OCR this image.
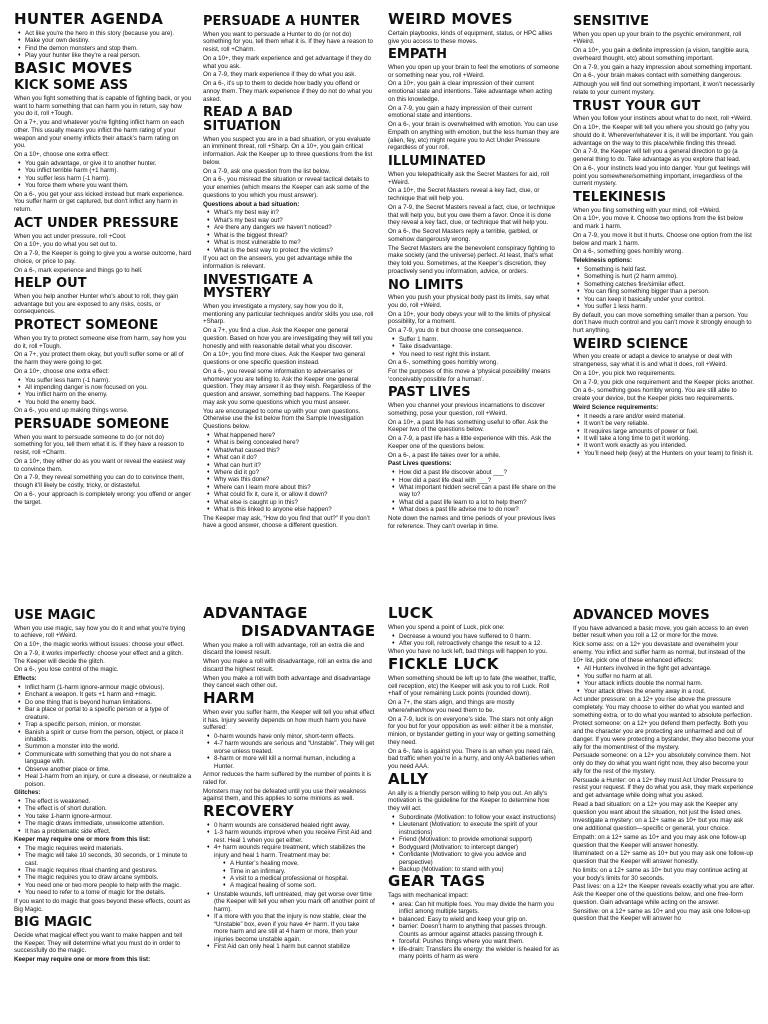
HUNTER AGENDA
♦ Act like you're the hero in this story (because you are).
♦ Make your own destiny.
♦ Find the demon monsters and stop them.
♦ Play your hunter like they're a real person.
BASIC MOVES
KICK SOME ASS

When you fight something that is capable of fighting back, or you want to harm something that can harm you in return, say how you do it, roll +Tough.

On a 7+, you and whatever you're fighting inflict harm on each other. This usually means you inflict the harm rating of your weapon and your enemy inflicts their attack’s harm rating on you.

On a 10+, choose one extra effect:

♦ You gain advantage, or give it to another hunter.
♦ You inflict terrible harm (+1 harm).
♦ You suffer less harm (-1 harm).
♦ You force them where you want them.

On a 6-, you get your ass kicked instead but mark experience. You suffer harm or get captured, but don't inflict any harm in return.

ACT UNDER PRESSURE

When you act under pressure, roll +Cool.

On a 10+, you do what you set out to.

On a 7-9, the Keeper is going to give you a worse outcome, hard choice, or price to pay.

On a 6-, mark experience and things go to hell.

HELP OUT

When you help another Hunter who's about to roll, they gain advantage but you are exposed to any risks, costs, or consequences.

PROTECT SOMEONE

When you try to protect someone else from harm, say how you do it, roll +Tough.

On a 7+, you protect them okay, but you'll suffer some or all of the harm they were going to get.

On a 10+, choose one extra effect:

♦ You suffer less harm (-1 harm).
♦ All impending danger is now focused on you.
♦ You inflict harm on the enemy.
♦ You hold the enemy back.

On a 6-, you end up making things worse.

PERSUADE SOMEONE

When you want to persuade someone to do (or not do) something for you, tell them what it is. If they have a reason to resist, roll +Charm.

On a 10+, they either do as you want or reveal the easiest way to convince them.

On a 7-9, they reveal something you can do to convince them, though it’ll likely be costly, tricky, or distasteful.

On a 6-, your approach is completely wrong: you offend or anger the target.

PERSUADE A HUNTER

When you want to persuade a Hunter to do (or not do) something for you, tell them what it is. If they have a reason to resist, roll +Charm.

On a 10+, they mark experience and get advantage if they do what you ask.

On a 7-9, they mark experience if they do what you ask.

On a 6-, it’s up to them to decide how badly you offend or annoy them. They mark experience if they do not do what you asked.

READ A BAD SITUATION

When you suspect you are in a bad situation, or you evaluate an imminent threat, roll +Sharp. On a 10+, you gain critical information. Ask the Keeper up to three questions from the list below.

On a 7-9, ask one question from the list below.

On a 6-, you misread the situation or reveal tactical details to your enemies (which means the Keeper can ask some of the questions to you which you must answer).

Questions about a bad situation:

♦ What’s my best way in?
♦ What’s my best way out?
♦ Are there any dangers we haven’t noticed?
♦ What is the biggest threat?
♦ What is most vulnerable to me?
♦ What is the best way to protect the victims?

If you act on the answers, you get advantage while the information is relevant.

INVESTIGATE A MYSTERY

When you investigate a mystery, say how you do it, mentioning any particular techniques and/or skills you use, roll +Sharp.

On a 7+, you find a clue. Ask the Keeper one general question. Based on how you are investigating they will tell you honestly and with reasonable detail what you discover.

On a 10+, you find more clues. Ask the Keeper two general questions or one specific question instead.

On a 6-, you reveal some information to adversaries or whomever you are telling to. Ask the Keeper one general question. They may answer it as they wish. Regardless of the question and answer, something bad happens. The Keeper may ask you some questions which you must answer.

You are encouraged to come up with your own questions. Otherwise use the list below from the Sample Investigation Questions below.

♦ What happened here?
♦ What is being concealed here?
♦ What/what caused this?
♦ What can it do?
♦ What can hurt it?
♦ Where did it go?
♦ Why was this done?
♦ Where can I learn more about this?
♦ What could fix it, cure it, or allow it down?
♦ What else is caught up in this?
♦ What is this linked to anyone else happen?

The Keeper may ask, “How do you find that out?” If you don’t have a good answer, choose a different question.

WEIRD MOVES

Certain playbooks, kinds of equipment, status, or HPC allies give you access to these moves.

EMPATH

When you open up your brain to feel the emotions of someone or something near you, roll +Weird.

On a 10+, you gain a clear impression of their current emotional state and intentions. Take advantage when acting on this knowledge.

On a 7-9, you gain a hazy impression of their current emotional state and intentions.

On a 6-, your brain is overwhelmed with emotion. You can use Empath on anything with emotion, but the less human they are (alien, fey, etc) might require you to Act Under Pressure regardless of your roll.

ILLUMINATED

When you telepathically ask the Secret Masters for aid, roll +Weird.

On a 10+, the Secret Masters reveal a key fact, clue, or technique that will help you.

On a 7-9, the Secret Masters reveal a fact, clue, or technique that will help you, but you owe them a favor. Once it is done they reveal a key fact, clue, or technique that will help you.

On a 6-, the Secret Masters reply a terrible, garbled, or somehow dangerously wrong.

The Secret Masters are the benevolent conspiracy fighting to make society (and the universe) perfect. At least, that’s what they told you. Sometimes, at the Keeper’s discretion, they proactively send you information, advice, or orders.

NO LIMITS

When you push your physical body past its limits, say what you do, roll +Weird.

On a 10+, your body obeys your will to the limits of physical possibility, for a moment.

On a 7-9, you do it but choose one consequence.

♦ Suffer 1 harm.
♦ Take disadvantage.
♦ You need to rest right this instant.

On a 6-, something goes horribly wrong.

For the purposes of this move a ‘physical possibility’ means ‘conceivably possible for a human’.

PAST LIVES

When you channel your previous incarnations to discover something, pose your question, roll +Weird.

On a 10+, a past life has something useful to offer. Ask the Keeper two of the questions below.

On a 7-9, a past life has a little experience with this. Ask the Keeper one of the questions below.

On a 6-, a past life takes over for a while.

Past Lives questions:

♦ How did a past life discover about ___?
♦ How did a past life deal with ___?
♦ What important hidden secret can a past life share on the way to?
♦ What did a past life learn to a lot to help them?
♦ What does a past life advise me to do now?

Note down the names and time periods of your previous lives for reference. They can’t overlap in time.

SENSITIVE

When you open up your brain to the psychic environment, roll +Weird.

On a 10+, you gain a definite impression (a vision, tangible aura, overheard thought, etc) about something important.

On a 7-9, you gain a hazy impression about something important.

On a 6-, your brain makes contact with something dangerous.

Although you will find out something important, it won’t necessarily relate to your current mystery.

TRUST YOUR GUT

When you follow your instincts about what to do next, roll +Weird.

On a 10+, the Keeper will tell you where you should go (why you should do it. Wherever/whatever it is, it will be important. You gain advantage on the way to this place/while finding this thread.

On a 7-9, the Keeper will tell you a general direction to go (a general thing to do. Take advantage as you explore that lead.

On a 6-, your instincts lead you into danger. Your gut feelings will point you somewhere/something important, irregardless of the current mystery.

TELEKINESIS

When you fling something with your mind, roll +Weird.

On a 10+, you move it. Choose two options from the list below and mark 1 harm.

On a 7-9, you move it but it hurts. Choose one option from the list below and mark 1 harm.

On a 6-, something goes horribly wrong.

Telekinesis options:

♦ Something is held fast.
♦ Something is hurt (2 harm ammo).
♦ Something catches fire/similar effect.
♦ You can fling something bigger than a person.
♦ You can keep it basically under your control.
♦ You suffer 1 less harm.

By default, you can move something smaller than a person. You don’t have much control and you can’t move it strongly enough to hurt anything.

WEIRD SCIENCE

When you create or adapt a device to analyse or deal with strangeness, say what it is and what it does, roll +Weird.

On a 10+, you pick two requirements.

On a 7-9, you pick one requirement and the Keeper picks another.

On a 6-, something goes horribly wrong. You are still able to create your device, but the Keeper picks two requirements.

Weird Science requirements:

♦ It needs a rare and/or weird material.
♦ It won’t be very reliable.
♦ It requires large amounts of power or fuel.
♦ It will take a long time to get it working.
♦ It won’t work exactly as you intended.
♦ You’ll need help (key) at the Hunters on your team) to finish it.
USE MAGIC

When you use magic, say how you do it and what you’re trying to achieve, roll +Weird.

On a 10+, the magic works without issues: choose your effect.

On a 7-9, it works imperfectly: choose your effect and a glitch. The Keeper will decide the glitch.

On a 6-, you lose control of the magic.

Effects:

♦ Inflict harm (1-harm ignore-armour magic obvious).
♦ Enchant a weapon. It gets +1 harm and +magic.
♦ Do one thing that is beyond human limitations.
♦ Bar a place or portal to a specific person or a type of creature.
♦ Trap a specific person, minion, or monster.
♦ Banish a spirit or curse from the person, object, or place it inhabits.
♦ Summon a monster into the world.
♦ Communicate with something that you do not share a language with.
♦ Observe another place or time.
♦ Heal 1-harm from an injury, or cure a disease, or neutralize a poison.

Glitches:

♦ The effect is weakened.
♦ The effect is of short duration.
♦ You take 1-harm ignore-armour.
♦ The magic draws immediate, unwelcome attention.
♦ It has a problematic side effect.

Keeper may require one or more from this list:

♦ The magic requires weird materials.
♦ The magic will take 10 seconds, 30 seconds, or 1 minute to cast.
♦ The magic requires ritual chanting and gestures.
♦ The magic requires you to draw arcane symbols.
♦ You need one or two more people to help with the magic.
♦ You need to refer to a tome of magic for the details.

If you want to do magic that goes beyond these effects, count as Big Magic.

BIG MAGIC

Decide what magical effect you want to make happen and tell the Keeper. They will determine what you must do in order to successfully do the magic.

Keeper may require one or more from this list:

ADVANTAGE
DISADVANTAGE

When you make a roll with advantage, roll an extra die and discard the lowest result.

When you make a roll with disadvantage, roll an extra die and discard the highest result.

When you make a roll with both advantage and disadvantage they cancel each other out.

HARM

When ever you suffer harm, the Keeper will tell you what effect it has. Injury severity depends on how much harm you have suffered:

♦ 0-harm wounds have only minor, short-term effects.
♦ 4-7 harm wounds are serious and “Unstable”. They will get worse unless treated.
♦ 8-harm or more will kill a normal human, including a Hunter.

Armor reduces the harm suffered by the number of points it is rated for.

Monsters may not be defeated until you use their weakness against them, and this applies to some minions as well.

RECOVERY
♦ 0 harm wounds are considered healed right away.
♦ 1-3 harm wounds improve when you receive First Aid and rest. Heal 1 when you get either.
♦ 4+ harm wounds require treatment, which stabilizes the injury and heal 1 harm. Treatment may be:
♦ A Hunter’s healing move.
♦ Time in an infirmary.
♦ A visit to a medical professional or hospital.
♦ A magical healing of some sort.
♦ Unstable wounds, left untreated, may get worse over time (the Keeper will tell you when you mark off another point of harm).
♦ If a more with you that the injury is now stable, clear the “Unstable” box, even if you have 4+ harm. If you take more harm and are still at 4 harm or more, then your injuries become unstable again.
♦ First Aid can only heal 1 harm but cannot stabilize
LUCK

When you spend a point of Luck, pick one:

♦ Decrease a wound you have suffered to 0 harm.
♦ After you roll, retroactively change the result to a 12.

When you have no luck left, bad things will happen to you.

FICKLE LUCK

When something should be left up to fate (the weather, traffic, cell reception, etc) the Keeper will ask you to roll Luck. Roll +half of your remaining Luck points (rounded down).

On a 7+, the stars align, and things are mostly where/when/how you need them to be.

On a 7-9, luck is on everyone’s side. The stars not only align for you but for your opposition as well: either it be a monster, minion, or bystander getting in your way or getting something they need.

On a 6-, fate is against you. There is an when you need rain, bad traffic when you’re in a hurry, and only AA batteries when you need AAA.

ALLY

An ally is a friendly person willing to help you out. An ally’s motivation is the guideline for the Keeper to determine how they will act.

♦ Subordinate (Motivation: to follow your exact instructions)
♦ Lieutenant (Motivation: to execute the spirit of your instructions)
♦ Friend (Motivation: to provide emotional support)
♦ Bodyguard (Motivation: to intercept danger)
♦ Confidante (Motivation: to give you advice and perspective)
♦ Backup (Motivation: to stand with you)
GEAR TAGS

Tags with mechanical impact:

♦ area: Can hit multiple foes. You may divide the harm you inflict among multiple targets.
♦ balanced: Easy to wield and keep your grip on.
♦ barrier: Doesn’t harm to anything that passes through. Counts as armour against attacks passing through it.
♦ forceful: Pushes things where you want them.
♦ life-drain: Transfers life energy: the wielder is healed for as many points of harm as were
ADVANCED MOVES

If you have advanced a basic move, you gain access to an even better result when you roll a 12 or more for the move.

Kick some ass: on a 12+ you devastate and overwhelm your enemy. You inflict and suffer harm as normal, but instead of the 10+ list, pick one of these enhanced effects:

♦ All Hunters involved in the fight get advantage.
♦ You suffer no harm at all.
♦ Your attack inflicts double the normal harm.
♦ Your attack drives the enemy away in a rout.

Act under pressure: on a 12+ you rise above the pressure completely. You may choose to either do what you wanted and something extra, or to do what you wanted to absolute perfection.

Protect someone: on a 12+ you defend them perfectly. Both you and the character you are protecting are unharmed and out of danger. If you were protecting a bystander, they also become your ally for the moment/rest of the mystery.

Persuade someone: on a 12+ you absolutely convince them. Not only do they do what you want right now, they also become your ally for the rest of the mystery.

Persuade a Hunter: on a 12+ they must Act Under Pressure to resist your request. If they do what you ask, they mark experience and get advantage while doing what you asked.

Read a bad situation: on a 12+ you may ask the Keeper any question you want about the situation, not just the listed ones.

Investigate a mystery: on a 12+ same as 10+ but you may ask one additional question—specific or general, your choice.

Empath: on a 12+ same as 10+ and you may ask one follow-up question that the Keeper will answer honestly.

Illuminated: on a 12+ same as 10+ but you may ask one follow-up question that the Keeper will answer honestly.

No limits: on a 12+ same as 10+ but you may continue acting at your body’s limits for 30 seconds.

Past lives: on a 12+ the Keeper reveals exactly what you are after. Ask the Keeper one of the questions below, and one free-form question. Gain advantage while acting on the answer.

Sensitive: on a 12+ same as 10+ and you may ask one follow-up question that the Keeper will answer ho
